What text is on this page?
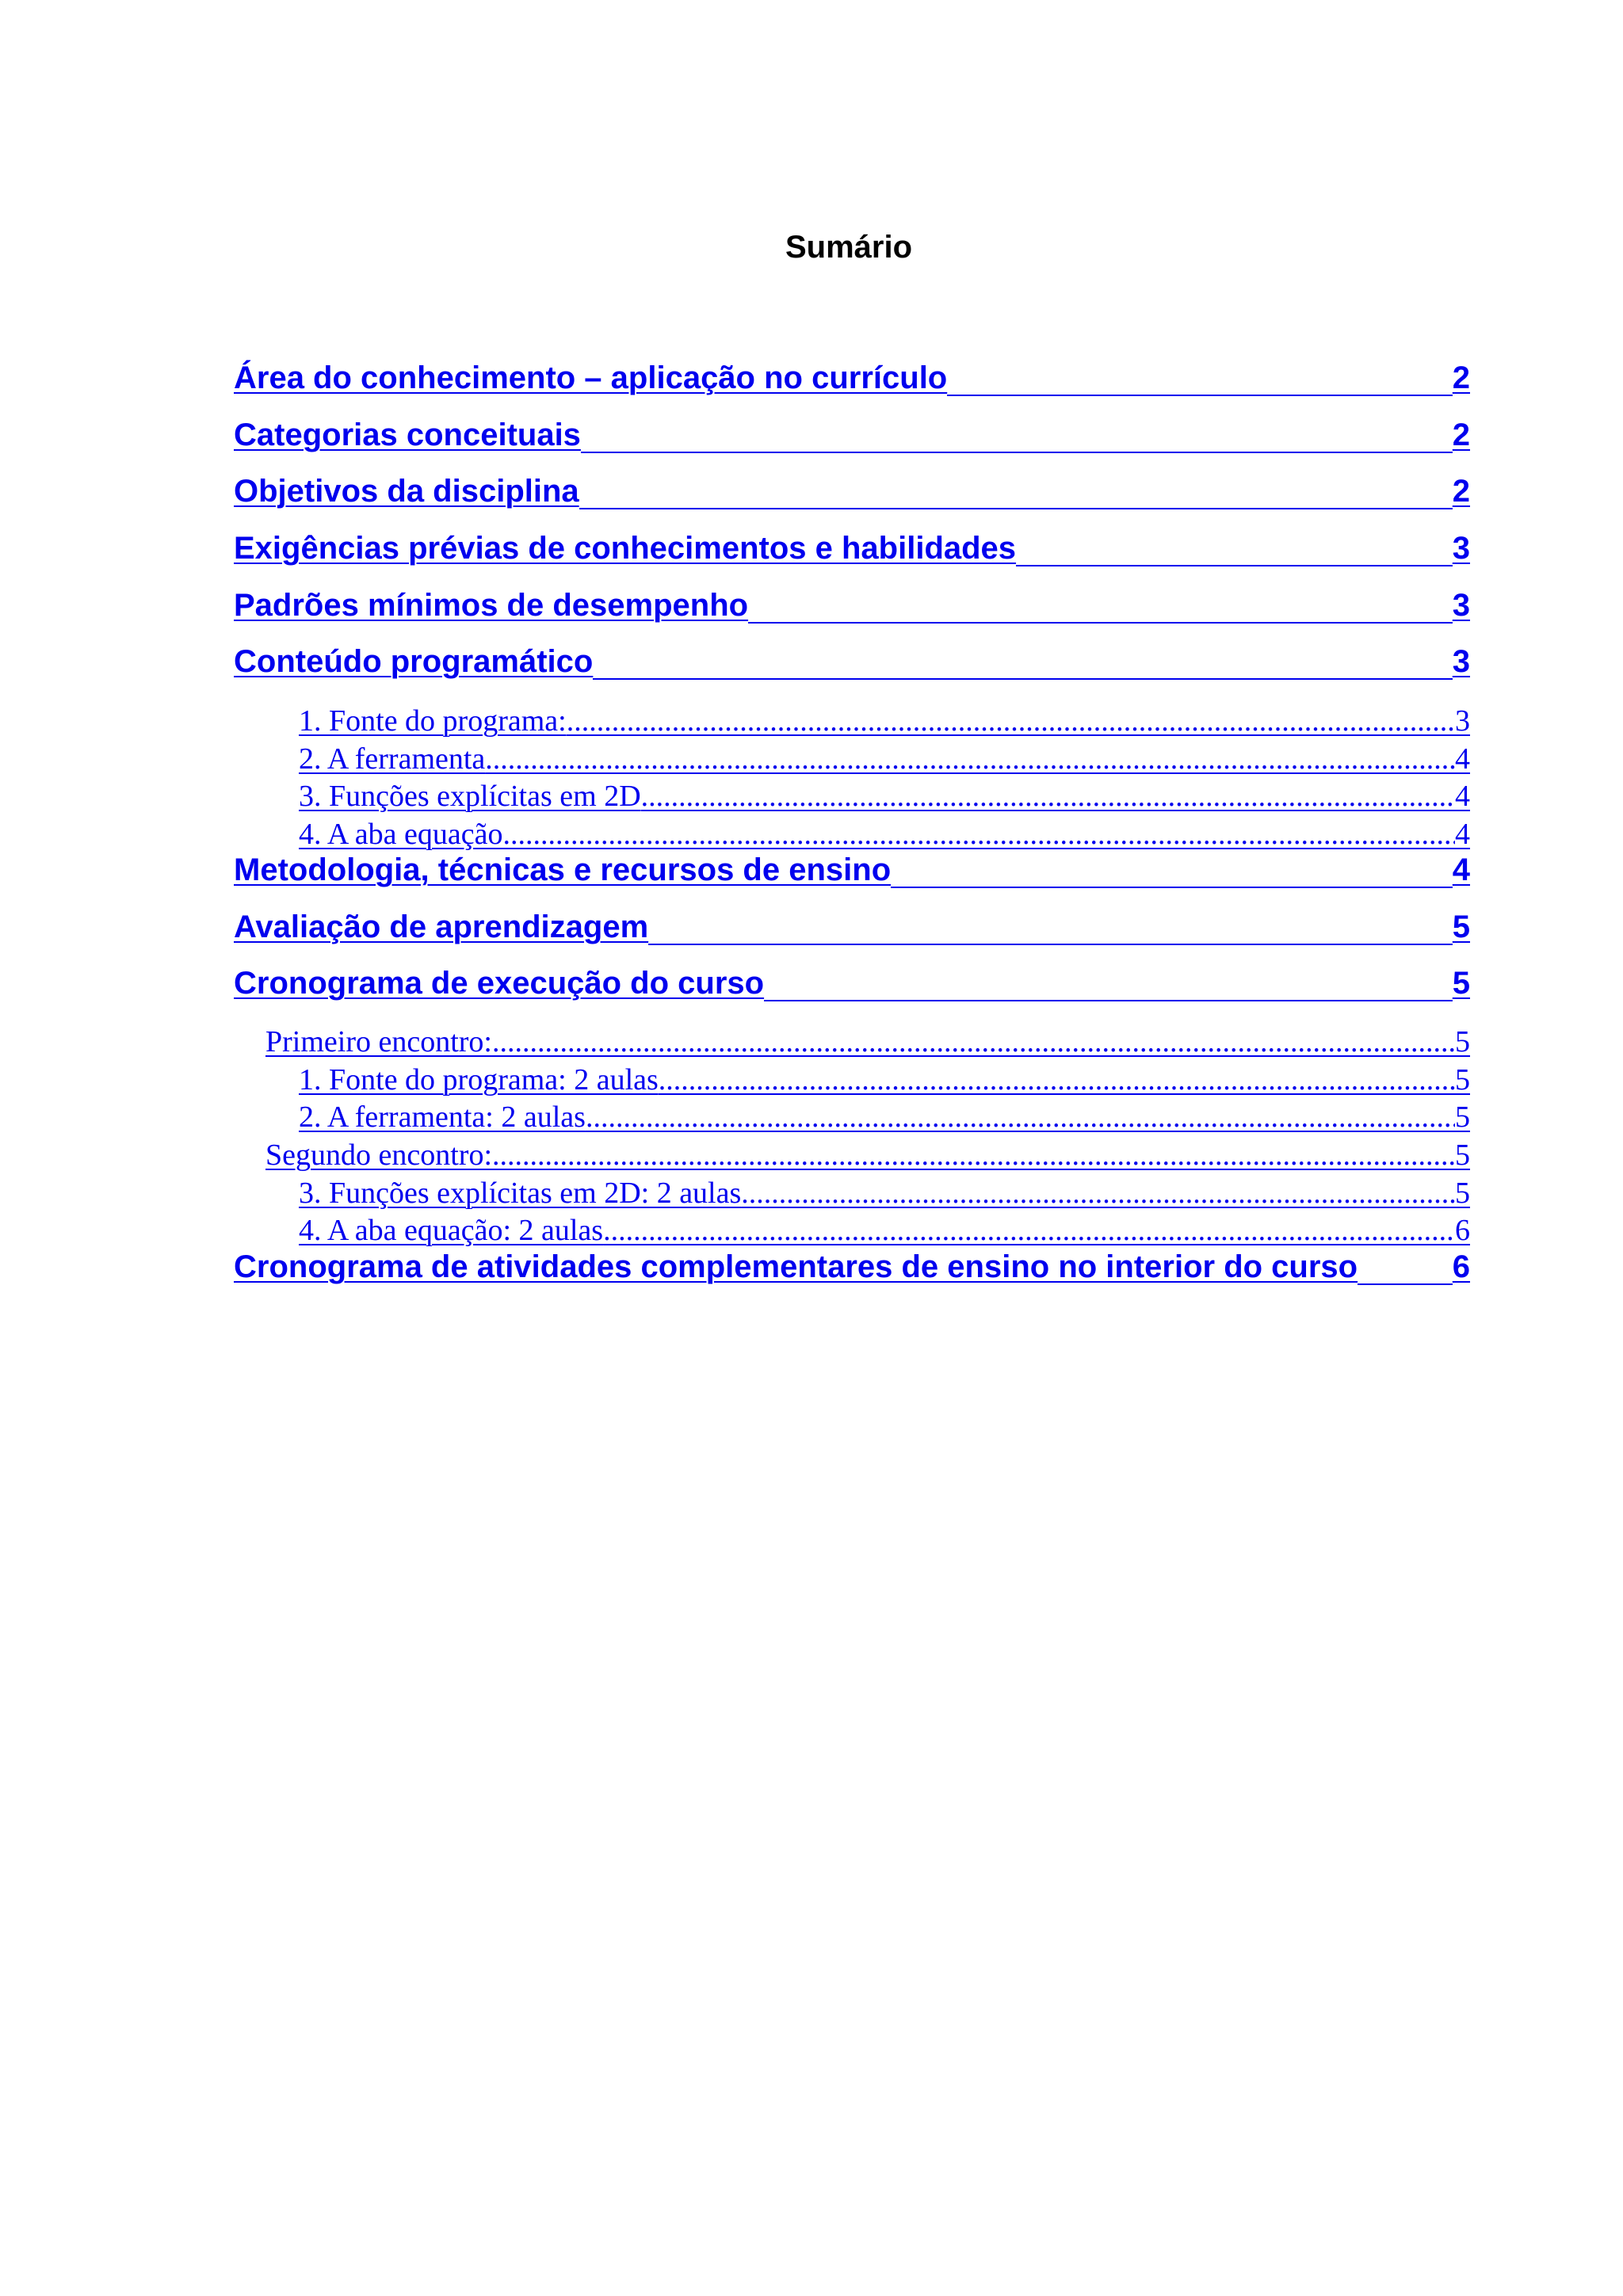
Sumário
Área do conhecimento – aplicação no currículo	2
Categorias conceituais	2
Objetivos da disciplina	2
Exigências prévias de conhecimentos e habilidades	3
Padrões mínimos de desempenho	3
Conteúdo programático	3
1. Fonte do programa: .....	3
2. A ferramenta .....	4
3. Funções explícitas em 2D .....	4
4. A aba equação .....	4
Metodologia, técnicas e recursos de ensino	4
Avaliação de aprendizagem	5
Cronograma de execução do curso	5
Primeiro encontro: .....	5
1. Fonte do programa: 2 aulas .....	5
2. A ferramenta: 2 aulas .....	5
Segundo encontro: .....	5
3. Funções explícitas em 2D: 2 aulas .....	5
4. A aba equação: 2 aulas .....	6
Cronograma de atividades complementares de ensino no interior do curso	6
